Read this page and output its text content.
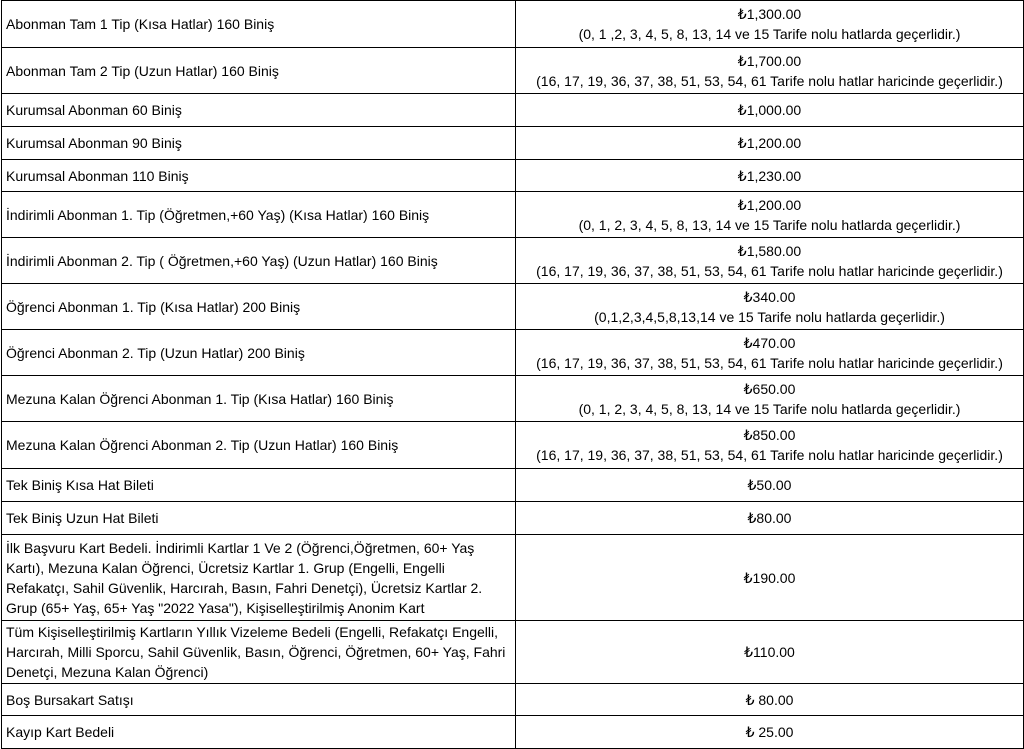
Abonman Tam 1 Tip (Kısa Hatlar) 160 Biniş	₺1,300.00
(0, 1 ,2, 3, 4, 5, 8, 13, 14 ve 15 Tarife nolu hatlarda geçerlidir.)

Abonman Tam 2 Tip (Uzun Hatlar) 160 Biniş	₺1,700.00
(16, 17, 19, 36, 37, 38, 51, 53, 54, 61 Tarife nolu hatlar haricinde geçerlidir.)

Kurumsal Abonman 60 Biniş	₺1,000.00
Kurumsal Abonman 90 Biniş	₺1,200.00
Kurumsal Abonman 110 Biniş	₺1,230.00
İndirimli Abonman 1. Tip (Öğretmen,+60 Yaş) (Kısa Hatlar) 160 Biniş	₺1,200.00
(0, 1, 2, 3, 4, 5, 8, 13, 14 ve 15 Tarife nolu hatlarda geçerlidir.)

İndirimli Abonman 2. Tip ( Öğretmen,+60 Yaş) (Uzun Hatlar) 160 Biniş	₺1,580.00
(16, 17, 19, 36, 37, 38, 51, 53, 54, 61 Tarife nolu hatlar haricinde geçerlidir.)

Öğrenci Abonman 1. Tip (Kısa Hatlar) 200 Biniş	₺340.00
(0,1,2,3,4,5,8,13,14 ve 15 Tarife nolu hatlarda geçerlidir.)

Öğrenci Abonman 2. Tip (Uzun Hatlar) 200 Biniş	₺470.00
(16, 17, 19, 36, 37, 38, 51, 53, 54, 61 Tarife nolu hatlar haricinde geçerlidir.)

Mezuna Kalan Öğrenci Abonman 1. Tip (Kısa Hatlar) 160 Biniş	₺650.00
(0, 1, 2, 3, 4, 5, 8, 13, 14 ve 15 Tarife nolu hatlarda geçerlidir.)

Mezuna Kalan Öğrenci Abonman 2. Tip (Uzun Hatlar) 160 Biniş	₺850.00
(16, 17, 19, 36, 37, 38, 51, 53, 54, 61 Tarife nolu hatlar haricinde geçerlidir.)

Tek Biniş Kısa Hat Bileti	₺50.00
Tek Biniş Uzun Hat Bileti	₺80.00
İlk Başvuru Kart Bedeli. İndirimli Kartlar 1 Ve 2 (Öğrenci,Öğretmen, 60+ Yaş Kartı), Mezuna Kalan Öğrenci, Ücretsiz Kartlar 1. Grup (Engelli, Engelli Refakatçı, Sahil Güvenlik, Harcırah, Basın, Fahri Denetçi), Ücretsiz Kartlar 2. Grup (65+ Yaş, 65+ Yaş "2022 Yasa"), Kişiselleştirilmiş Anonim Kart	₺190.00
Tüm Kişiselleştirilmiş Kartların Yıllık Vizeleme Bedeli (Engelli, Refakatçı Engelli, Harcırah, Milli Sporcu, Sahil Güvenlik, Basın, Öğrenci, Öğretmen, 60+ Yaş, Fahri Denetçi, Mezuna Kalan Öğrenci)	₺110.00
Boş Bursakart Satışı	₺ 80.00
Kayıp Kart Bedeli	₺ 25.00
